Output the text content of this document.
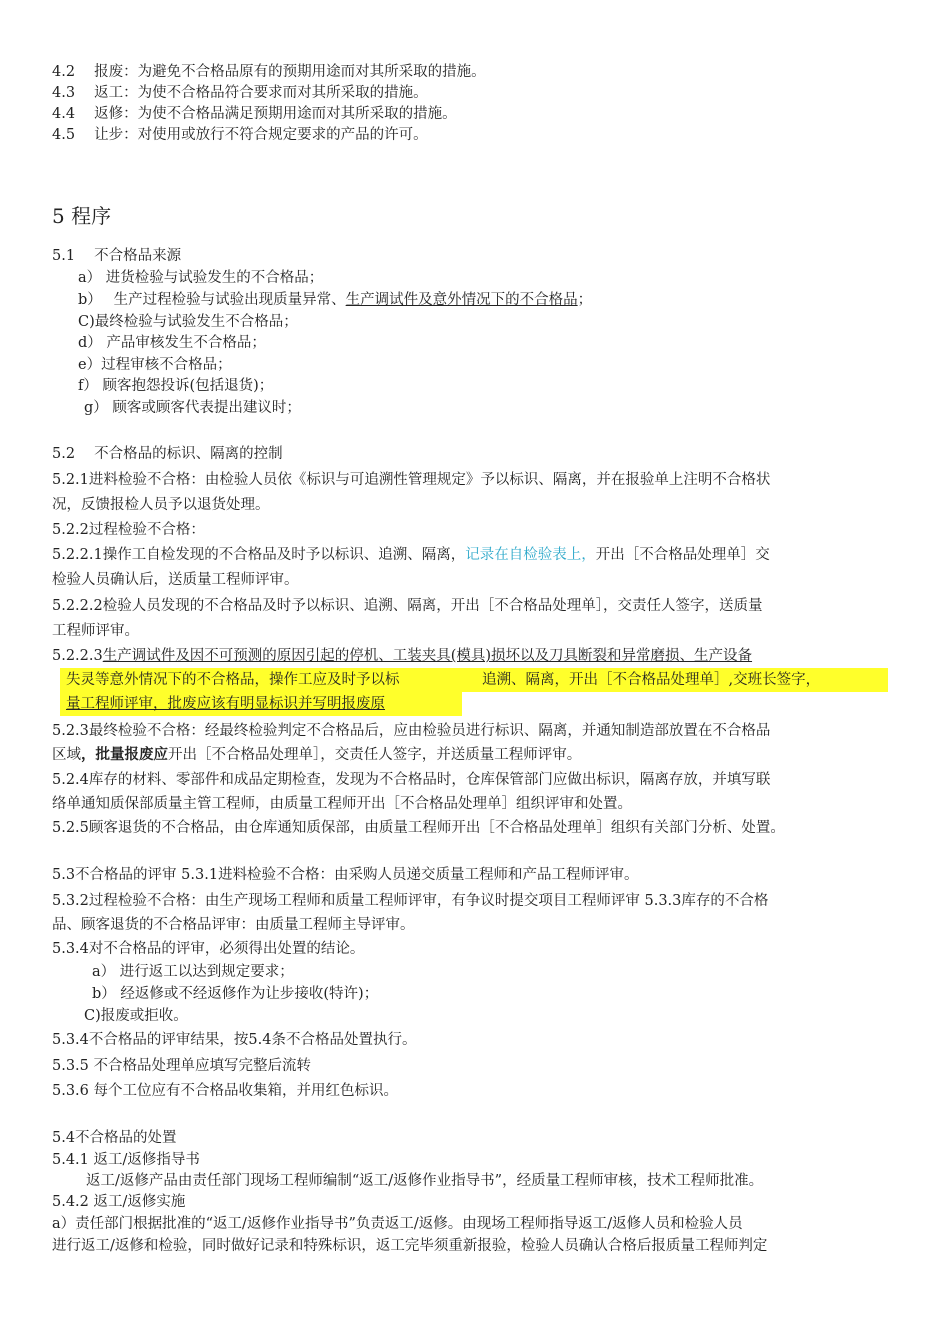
4.2　 报废：为避免不合格品原有的预期用途而对其所采取的措施。
4.3　 返工：为使不合格品符合要求而对其所采取的措施。
4.4　 返修：为使不合格品满足预期用途而对其所采取的措施。
4.5　 让步：对使用或放行不符合规定要求的产品的许可。
5 程序
5.1　 不合格品来源
a） 进货检验与试验发生的不合格品；
b）　 生产过程检验与试验出现质量异常、生产调试件及意外情况下的不合格品；
C)最终检验与试验发生不合格品；
d） 产品审核发生不合格品；
e）过程审核不合格品；
f） 顾客抱怨投诉(包括退货)；
g） 顾客或顾客代表提出建议时；
5.2　 不合格品的标识、隔离的控制
5.2.1进料检验不合格：由检验人员依《标识与可追溯性管理规定》予以标识、隔离，并在报验单上注明不合格状
况，反馈报检人员予以退货处理。
5.2.2过程检验不合格：
5.2.2.1操作工自检发现的不合格品及时予以标识、追溯、隔离，记录在自检验表上，开出［不合格品处理单］交
检验人员确认后，送质量工程师评审。
5.2.2.2检验人员发现的不合格品及时予以标识、追溯、隔离，开出［不合格品处理单］，交责任人签字，送质量
工程师评审。
5.2.2.3生产调试件及因不可预测的原因引起的停机、工装夹具(模具)损坏以及刀具断裂和异常磨损、生产设备
失灵等意外情况下的不合格品，操作工应及时予以标	追溯、隔离，开出［不合格品处理单］,交班长签字，
量工程师评审，批废应该有明显标识并写明报废原
5.2.3最终检验不合格：经最终检验判定不合格品后，应由检验员进行标识、隔离，并通知制造部放置在不合格品
区域，批量报废应开出［不合格品处理单］，交责任人签字，并送质量工程师评审。
5.2.4库存的材料、零部件和成品定期检查，发现为不合格品时，仓库保管部门应做出标识，隔离存放，并填写联
络单通知质保部质量主管工程师，由质量工程师开出［不合格品处理单］组织评审和处置。
5.2.5顾客退货的不合格品，由仓库通知质保部，由质量工程师开出［不合格品处理单］组织有关部门分析、处置。
5.3不合格品的评审 5.3.1进料检验不合格：由采购人员递交质量工程师和产品工程师评审。
5.3.2过程检验不合格：由生产现场工程师和质量工程师评审，有争议时提交项目工程师评审 5.3.3库存的不合格
品、顾客退货的不合格品评审：由质量工程师主导评审。
5.3.4对不合格品的评审，必须得出处置的结论。
a） 进行返工以达到规定要求；
b） 经返修或不经返修作为让步接收(特许)；
C)报废或拒收。
5.3.4不合格品的评审结果，按5.4条不合格品处置执行。
5.3.5 不合格品处理单应填写完整后流转
5.3.6 每个工位应有不合格品收集箱，并用红色标识。
5.4不合格品的处置
5.4.1 返工/返修指导书
返工/返修产品由责任部门现场工程师编制“返工/返修作业指导书”，经质量工程师审核，技术工程师批准。
5.4.2 返工/返修实施
a）责任部门根据批准的“返工/返修作业指导书”负责返工/返修。由现场工程师指导返工/返修人员和检验人员
进行返工/返修和检验，同时做好记录和特殊标识，返工完毕须重新报验，检验人员确认合格后报质量工程师判定
